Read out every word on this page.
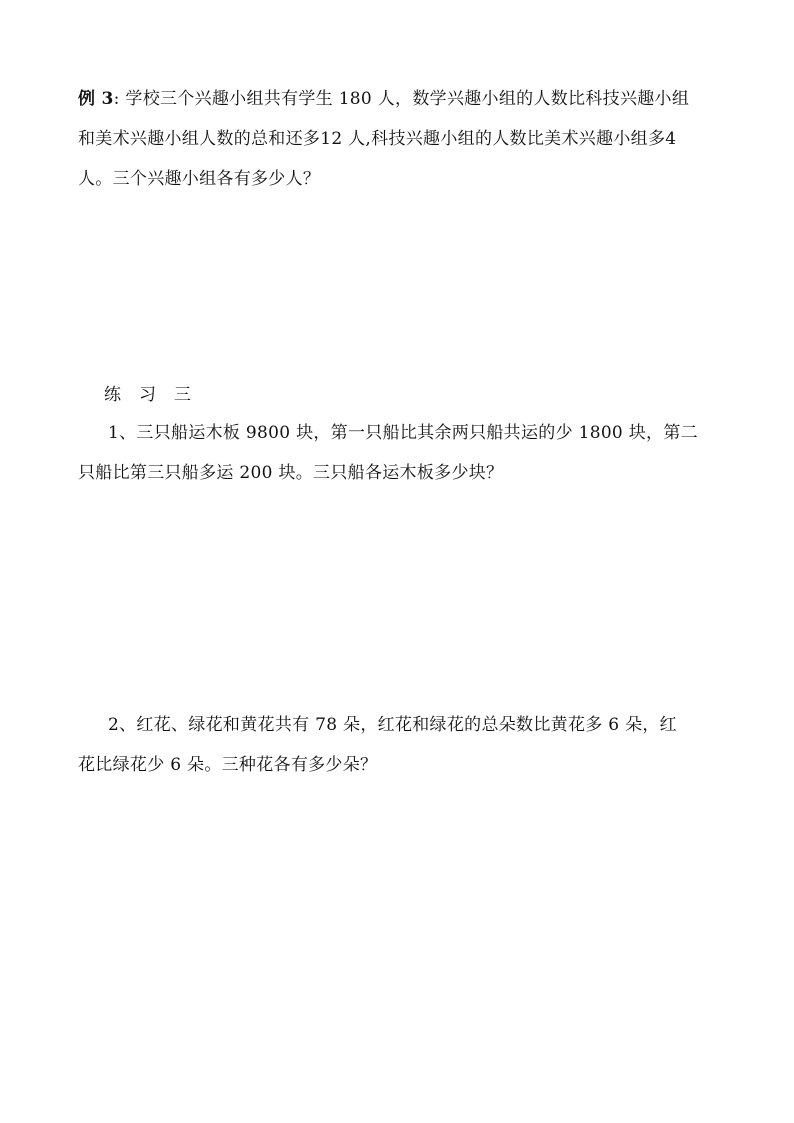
例 3: 学校三个兴趣小组共有学生 180 人，数学兴趣小组的人数比科技兴趣小组
和美术兴趣小组人数的总和还多12 人,科技兴趣小组的人数比美术兴趣小组多4
人。三个兴趣小组各有多少人？
练　习　三
1、三只船运木板 9800 块，第一只船比其余两只船共运的少 1800 块，第二
只船比第三只船多运 200 块。三只船各运木板多少块？
2、红花、绿花和黄花共有 78 朵，红花和绿花的总朵数比黄花多 6 朵，红
花比绿花少 6 朵。三种花各有多少朵？
